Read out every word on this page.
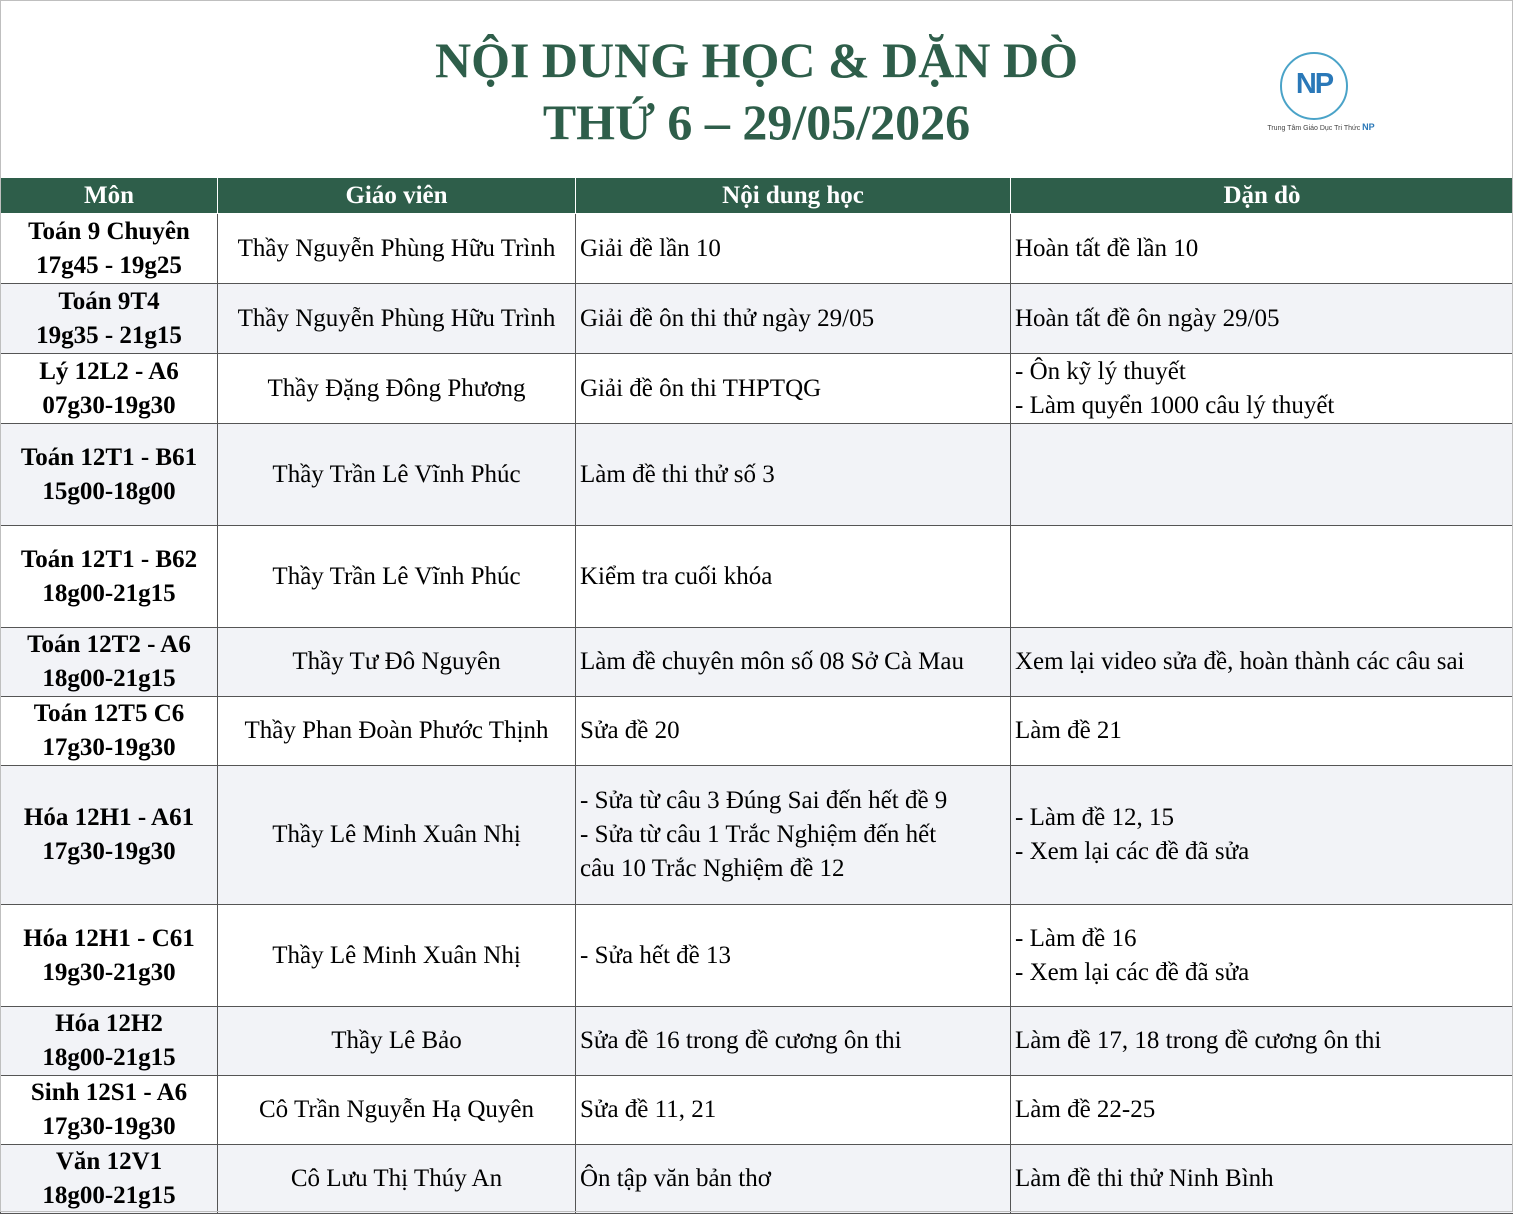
NỘI DUNG HỌC & DẶN DÒ
THỨ 6 – 29/05/2026
NP
Trung Tâm Giáo Dục Tri Thức NP
Môn	Giáo viên	Nội dung học	Dặn dò

Toán 9 Chuyên
17g45 - 19g25	Thầy Nguyễn Phùng Hữu Trình	Giải đề lần 10	Hoàn tất đề lần 10

Toán 9T4
19g35 - 21g15	Thầy Nguyễn Phùng Hữu Trình	Giải đề ôn thi thử ngày 29/05	Hoàn tất đề ôn ngày 29/05

Lý 12L2 - A6
07g30-19g30	Thầy Đặng Đông Phương	Giải đề ôn thi THPTQG	- Ôn kỹ lý thuyết
- Làm quyển 1000 câu lý thuyết

Toán 12T1 - B61
15g00-18g00	Thầy Trần Lê Vĩnh Phúc	Làm đề thi thử số 3	

Toán 12T1 - B62
18g00-21g15	Thầy Trần Lê Vĩnh Phúc	Kiểm tra cuối khóa	

Toán 12T2 - A6
18g00-21g15	Thầy Tư Đô Nguyên	Làm đề chuyên môn số 08 Sở Cà Mau	Xem lại video sửa đề, hoàn thành các câu sai

Toán 12T5 C6
17g30-19g30	Thầy Phan Đoàn Phước Thịnh	Sửa đề 20	Làm đề 21

Hóa 12H1 - A61
17g30-19g30	Thầy Lê Minh Xuân Nhị	- Sửa từ câu 3 Đúng Sai đến hết đề 9
- Sửa từ câu 1 Trắc Nghiệm đến hết
câu 10 Trắc Nghiệm đề 12	- Làm đề 12, 15
- Xem lại các đề đã sửa

Hóa 12H1 - C61
19g30-21g30	Thầy Lê Minh Xuân Nhị	- Sửa hết đề 13	- Làm đề 16
- Xem lại các đề đã sửa

Hóa 12H2
18g00-21g15	Thầy Lê Bảo	Sửa đề 16 trong đề cương ôn thi	Làm đề 17, 18 trong đề cương ôn thi

Sinh 12S1 - A6
17g30-19g30	Cô Trần Nguyễn Hạ Quyên	Sửa đề 11, 21	Làm đề 22-25

Văn 12V1
18g00-21g15	Cô Lưu Thị Thúy An	Ôn tập văn bản thơ	Làm đề thi thử Ninh Bình
